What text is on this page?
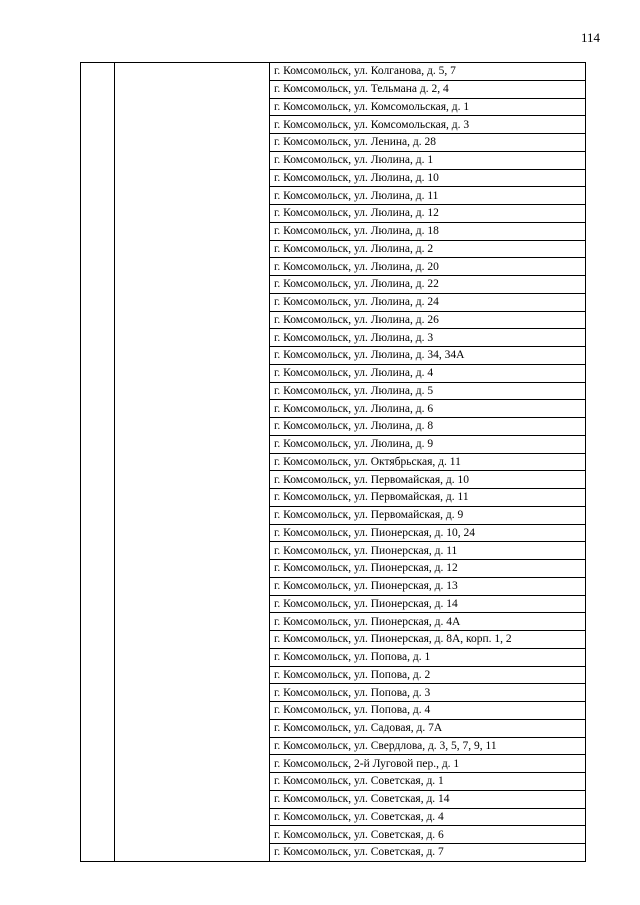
114
г. Комсомольск, ул. Колганова, д. 5, 7
г. Комсомольск, ул. Тельмана д. 2, 4
г. Комсомольск, ул. Комсомольская, д. 1
г. Комсомольск, ул. Комсомольская, д. 3
г. Комсомольск, ул. Ленина, д. 28
г. Комсомольск, ул. Люлина, д. 1
г. Комсомольск, ул. Люлина, д. 10
г. Комсомольск, ул. Люлина, д. 11
г. Комсомольск, ул. Люлина, д. 12
г. Комсомольск, ул. Люлина, д. 18
г. Комсомольск, ул. Люлина, д. 2
г. Комсомольск, ул. Люлина, д. 20
г. Комсомольск, ул. Люлина, д. 22
г. Комсомольск, ул. Люлина, д. 24
г. Комсомольск, ул. Люлина, д. 26
г. Комсомольск, ул. Люлина, д. 3
г. Комсомольск, ул. Люлина, д. 34, 34А
г. Комсомольск, ул. Люлина, д. 4
г. Комсомольск, ул. Люлина, д. 5
г. Комсомольск, ул. Люлина, д. 6
г. Комсомольск, ул. Люлина, д. 8
г. Комсомольск, ул. Люлина, д. 9
г. Комсомольск, ул. Октябрьская, д. 11
г. Комсомольск, ул. Первомайская, д. 10
г. Комсомольск, ул. Первомайская, д. 11
г. Комсомольск, ул. Первомайская, д. 9
г. Комсомольск, ул. Пионерская, д. 10, 24
г. Комсомольск, ул. Пионерская, д. 11
г. Комсомольск, ул. Пионерская, д. 12
г. Комсомольск, ул. Пионерская, д. 13
г. Комсомольск, ул. Пионерская, д. 14
г. Комсомольск, ул. Пионерская, д. 4А
г. Комсомольск, ул. Пионерская, д. 8А, корп. 1, 2
г. Комсомольск, ул. Попова, д. 1
г. Комсомольск, ул. Попова, д. 2
г. Комсомольск, ул. Попова, д. 3
г. Комсомольск, ул. Попова, д. 4
г. Комсомольск, ул. Садовая, д. 7А
г. Комсомольск, ул. Свердлова, д. 3, 5, 7, 9, 11
г. Комсомольск, 2-й Луговой пер., д. 1
г. Комсомольск, ул. Советская, д. 1
г. Комсомольск, ул. Советская, д. 14
г. Комсомольск, ул. Советская, д. 4
г. Комсомольск, ул. Советская, д. 6
г. Комсомольск, ул. Советская, д. 7
